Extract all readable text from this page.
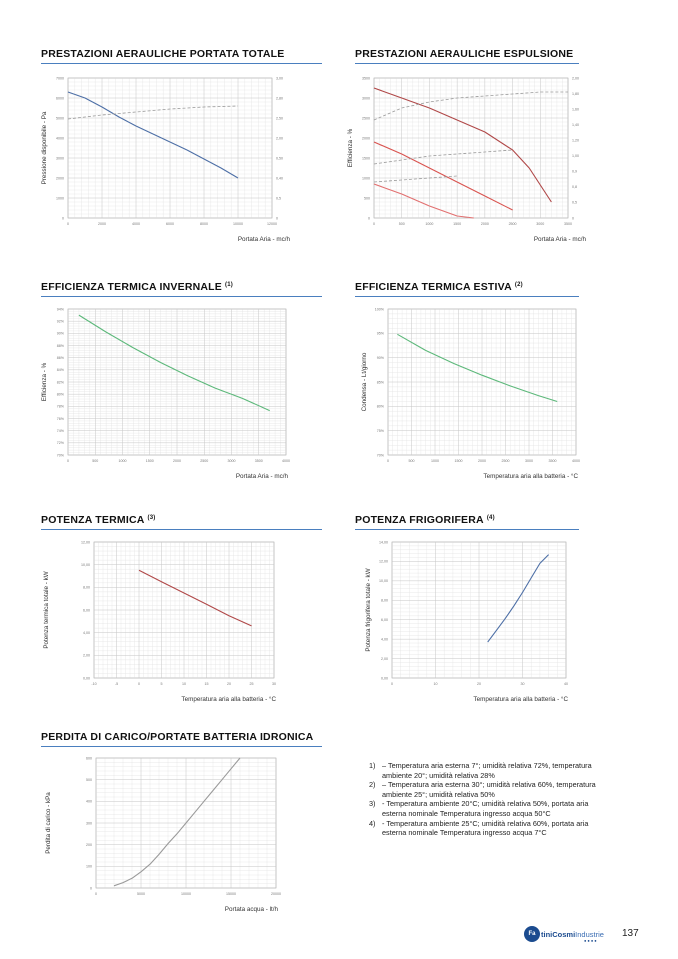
PRESTAZIONI AERAULICHE PORTATA TOTALE	PRESTAZIONI AERAULICHE ESPULSIONE
EFFICIENZA TERMICA INVERNALE $^{(1)}$	EFFICIENZA TERMICA ESTIVA $^{(2)}$
POTENZA TERMICA $^{(3)}$	POTENZA FRIGORIFERA $^{(4)}$
PERDITA DI CARICO/PORTATE BATTERIA IDRONICA
0	2000	4000	6000	8000	10000	12000
0
1000
2000
3000
4000
5000
6000
7000
0
0,5
0,40
0,50
2,00
2,50
2,80
3,00
Pressione disponibile - Pa
Portata Aria - mc/h
0	500	1000	1500	2000	2500	3000	3500
0
500
1000
1500
2000
2500
3000
3500
0
0,5
0,8
0,9
1,00
1,20
1,40
1,60
1,80
2,00
Efficienza - %
Portata Aria - mc/h
0	500	1000	1500	2000	2500	3000	3500	4000
70%
72%
74%
76%
78%
80%
82%
84%
86%
88%
90%
92%
94%
Efficienza - %
Portata Aria - mc/h
0	500	1000	1500	2000	2500	3000	3500	4000
70%
75%
80%
85%
90%
95%
100%
Condensa - Lt/giorno
Temperatura aria alla batteria - °C
-10	-5	0	5	10	15	20	25	30
0,00
2,00
4,00
6,00
8,00
10,00
12,00
Potenza termica totale - kW
Temperatura aria alla batteria - °C
0	10	20	30	40
0,00
2,00
4,00
6,00
8,00
10,00
12,00
14,00
Potenza frigorifera totale - kW
Temperatura aria alla batteria - °C
0	5000	10000	15000	20000
0
100
200
300
400
500
600
Perdita di carico - kPa
Portata acqua - lt/h
1) – Temperatura aria esterna 7°; umidità relativa 72%, temperatura ambiente 20°; umidità relativa 28%
2) – Temperatura aria esterna 30°; umidità relativa 60%, temperatura ambiente 25°; umidità relativa 50%
3) - Temperatura ambiente 20°C; umidità relativa 50%, portata aria esterna nominale Temperatura ingresso acqua 50°C
4) - Temperatura ambiente 25°C; umidità relativa 60%, portata aria esterna nominale Temperatura ingresso acqua 7°C
Fa tiniCosmiIndustrie
●●●●
137
